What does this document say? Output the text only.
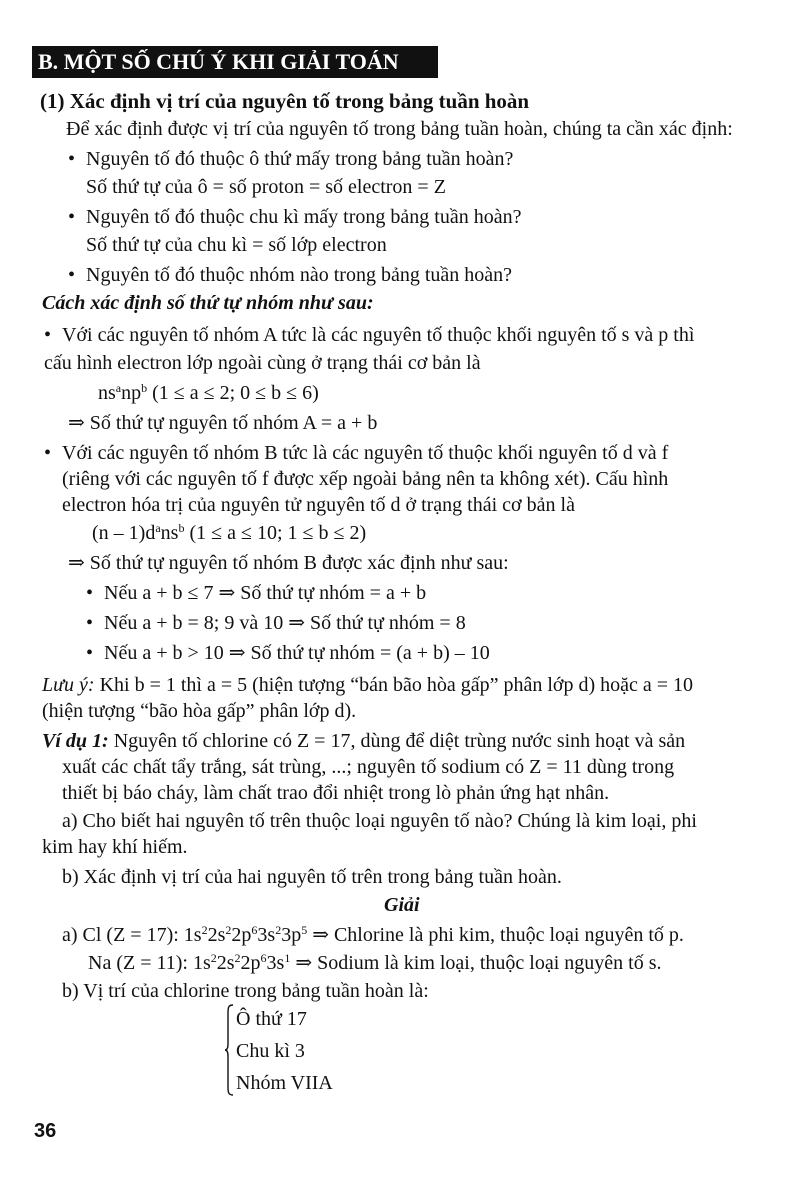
B. MỘT SỐ CHÚ Ý KHI GIẢI TOÁN
(1) Xác định vị trí của nguyên tố trong bảng tuần hoàn
Để xác định được vị trí của nguyên tố trong bảng tuần hoàn, chúng ta cần xác định:
•Nguyên tố đó thuộc ô thứ mấy trong bảng tuần hoàn?
Số thứ tự của ô = số proton = số electron = Z
•Nguyên tố đó thuộc chu kì mấy trong bảng tuần hoàn?
Số thứ tự của chu kì = số lớp electron
•Nguyên tố đó thuộc nhóm nào trong bảng tuần hoàn?
Cách xác định số thứ tự nhóm như sau:
•Với các nguyên tố nhóm A tức là các nguyên tố thuộc khối nguyên tố s và p thì
cấu hình electron lớp ngoài cùng ở trạng thái cơ bản là
$ns^anp^b$ (1 ≤ a ≤ 2; 0 ≤ b ≤ 6)
⇒ Số thứ tự nguyên tố nhóm A = a + b
•Với các nguyên tố nhóm B tức là các nguyên tố thuộc khối nguyên tố d và f
(riêng với các nguyên tố f được xếp ngoài bảng nên ta không xét). Cấu hình
electron hóa trị của nguyên tử nguyên tố d ở trạng thái cơ bản là
$(n - 1)d^ans^b$ (1 ≤ a ≤ 10; 1 ≤ b ≤ 2)
⇒ Số thứ tự nguyên tố nhóm B được xác định như sau:
•Nếu a + b ≤ 7 ⇒ Số thứ tự nhóm = a + b
•Nếu a + b = 8; 9 và 10 ⇒ Số thứ tự nhóm = 8
•Nếu a + b > 10 ⇒ Số thứ tự nhóm = (a + b) – 10
Lưu ý: Khi b = 1 thì a = 5 (hiện tượng “bán bão hòa gấp” phân lớp d) hoặc a = 10
(hiện tượng “bão hòa gấp” phân lớp d).
Ví dụ 1: Nguyên tố chlorine có Z = 17, dùng để diệt trùng nước sinh hoạt và sản
xuất các chất tẩy trắng, sát trùng, ...; nguyên tố sodium có Z = 11 dùng trong
thiết bị báo cháy, làm chất trao đổi nhiệt trong lò phản ứng hạt nhân.
a) Cho biết hai nguyên tố trên thuộc loại nguyên tố nào? Chúng là kim loại, phi
kim hay khí hiếm.
b) Xác định vị trí của hai nguyên tố trên trong bảng tuần hoàn.
Giải
a) Cl (Z = 17): $1s^22s^22p^63s^23p^5$ ⇒ Chlorine là phi kim, thuộc loại nguyên tố p.
Na (Z = 11): $1s^22s^22p^63s^1$ ⇒ Sodium là kim loại, thuộc loại nguyên tố s.
b) Vị trí của chlorine trong bảng tuần hoàn là:
Ô thứ 17
Chu kì 3
Nhóm VIIA
36
